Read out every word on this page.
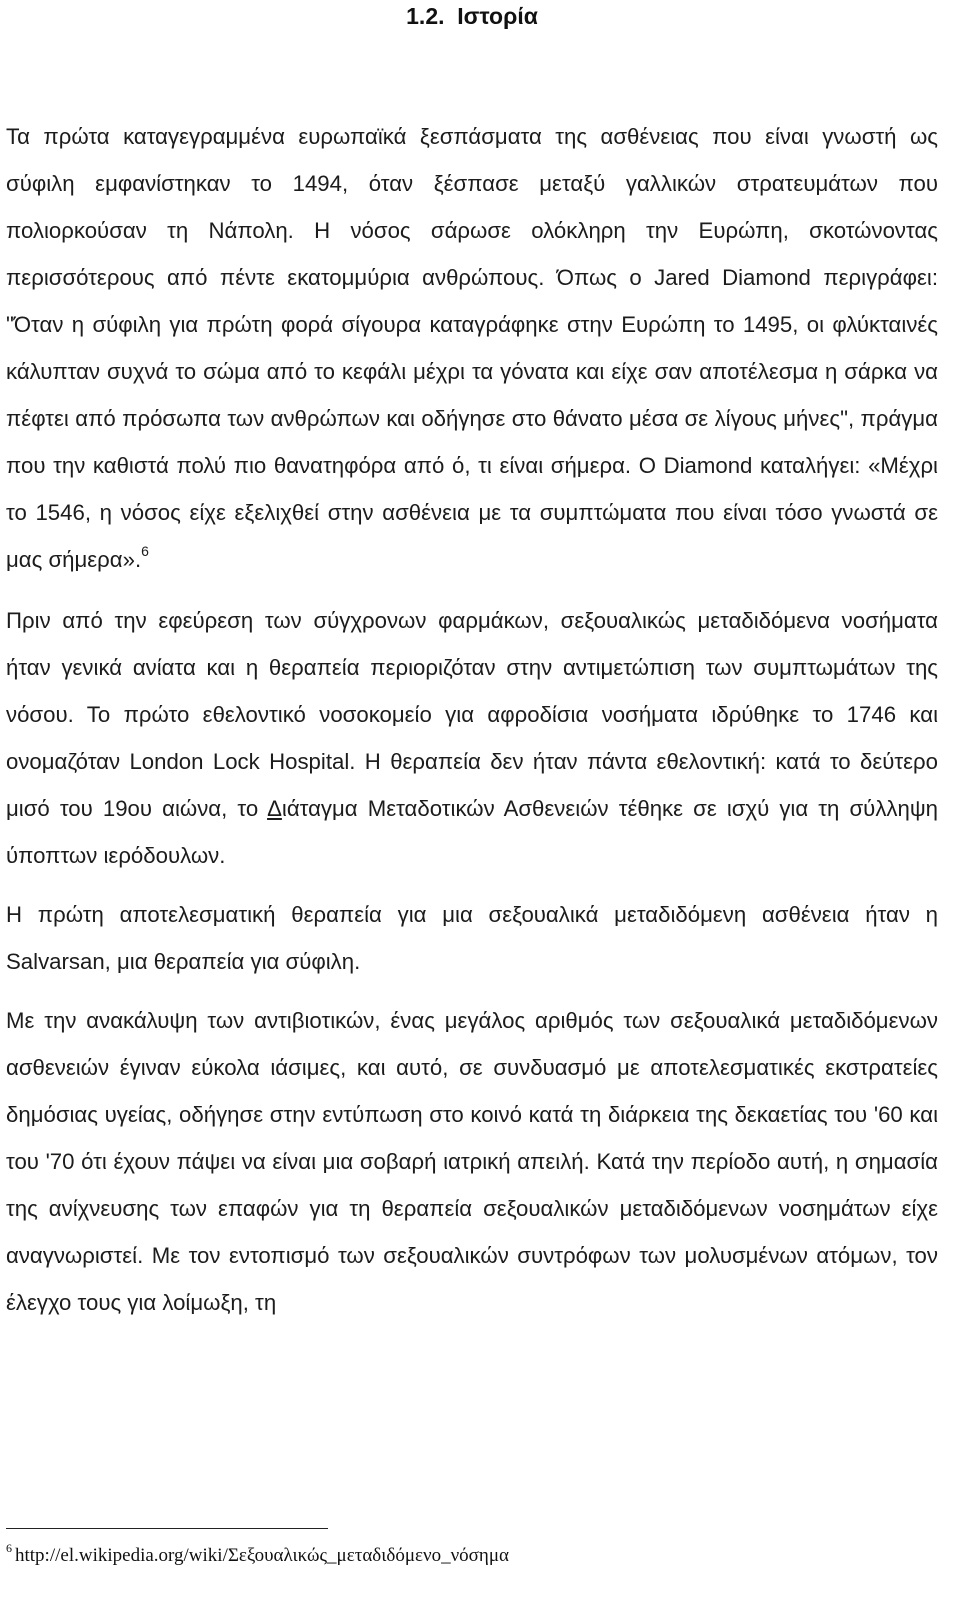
1.2. Ιστορία

Τα πρώτα καταγεγραμμένα ευρωπαϊκά ξεσπάσματα της ασθένειας που είναι γνωστή ως σύφιλη εμφανίστηκαν το 1494, όταν ξέσπασε μεταξύ γαλλικών στρατευμάτων που πολιορκούσαν τη Νάπολη. Η νόσος σάρωσε ολόκληρη την Ευρώπη, σκοτώνοντας περισσότερους από πέντε εκατομμύρια ανθρώπους. Όπως ο Jared Diamond περιγράφει: "Όταν η σύφιλη για πρώτη φορά σίγουρα καταγράφηκε στην Ευρώπη το 1495, οι φλύκταινές κάλυπταν συχνά το σώμα από το κεφάλι μέχρι τα γόνατα και είχε σαν αποτέλεσμα η σάρκα να πέφτει από πρόσωπα των ανθρώπων και οδήγησε στο θάνατο μέσα σε λίγους μήνες", πράγμα που την καθιστά πολύ πιο θανατηφόρα από ό, τι είναι σήμερα. Ο Diamond καταλήγει: «Μέχρι το 1546, η νόσος είχε εξελιχθεί στην ασθένεια με τα συμπτώματα που είναι τόσο γνωστά σε μας σήμερα».$^6$

Πριν από την εφεύρεση των σύγχρονων φαρμάκων, σεξουαλικώς μεταδιδόμενα νοσήματα ήταν γενικά ανίατα και η θεραπεία περιοριζόταν στην αντιμετώπιση των συμπτωμάτων της νόσου. Το πρώτο εθελοντικό νοσοκομείο για αφροδίσια νοσήματα ιδρύθηκε το 1746 και ονομαζόταν London Lock Hospital. Η θεραπεία δεν ήταν πάντα εθελοντική: κατά το δεύτερο μισό του 19ου αιώνα, το Διάταγμα Μεταδοτικών Ασθενειών τέθηκε σε ισχύ για τη σύλληψη ύποπτων ιερόδουλων.

Η πρώτη αποτελεσματική θεραπεία για μια σεξουαλικά μεταδιδόμενη ασθένεια ήταν η Salvarsan, μια θεραπεία για σύφιλη.

Με την ανακάλυψη των αντιβιοτικών, ένας μεγάλος αριθμός των σεξουαλικά μεταδιδόμενων ασθενειών έγιναν εύκολα ιάσιμες, και αυτό, σε συνδυασμό με αποτελεσματικές εκστρατείες δημόσιας υγείας, οδήγησε στην εντύπωση στο κοινό κατά τη διάρκεια της δεκαετίας του '60 και του '70 ότι έχουν πάψει να είναι μια σοβαρή ιατρική απειλή. Κατά την περίοδο αυτή, η σημασία της ανίχνευσης των επαφών για τη θεραπεία σεξουαλικών μεταδιδόμενων νοσημάτων είχε αναγνωριστεί. Με τον εντοπισμό των σεξουαλικών συντρόφων των μολυσμένων ατόμων, τον έλεγχο τους για λοίμωξη, τη

$^6$ http://el.wikipedia.org/wiki/Σεξουαλικώς_μεταδιδόμενο_νόσημα
